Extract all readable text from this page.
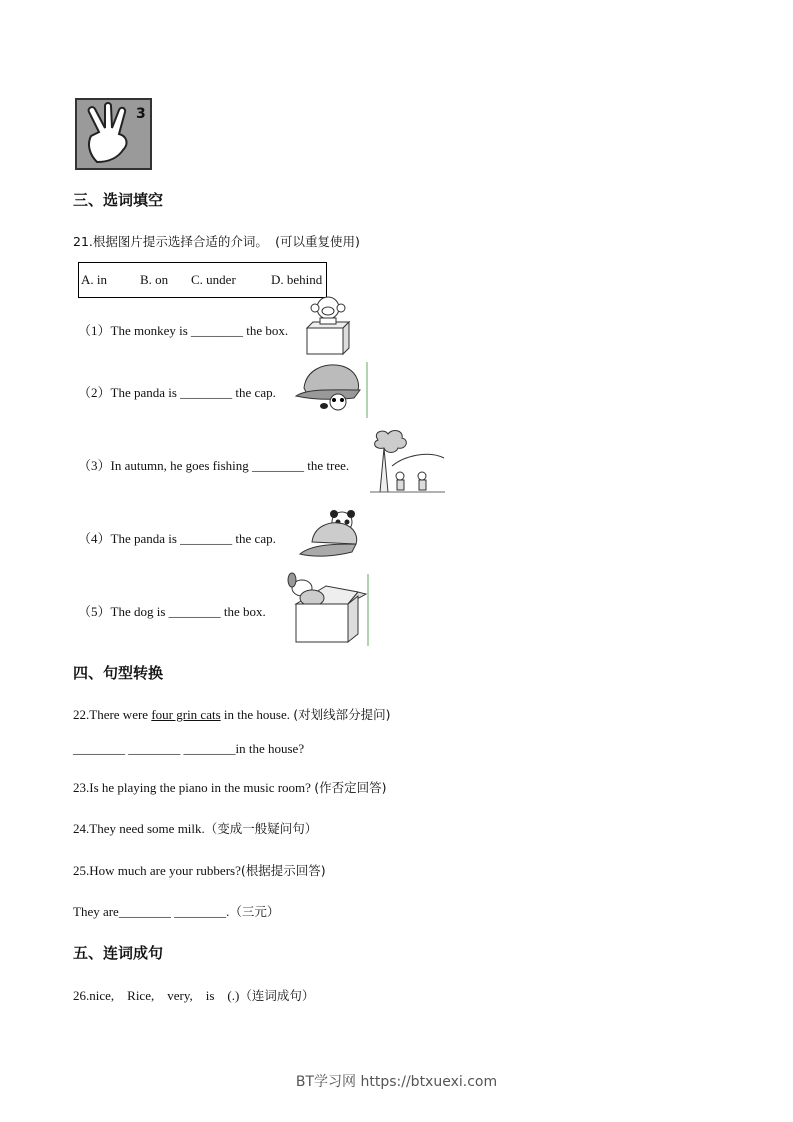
3
三、选词填空
21.根据图片提示选择合适的介词。 (可以重复使用)
A. in	B. on C. under	D. behind
（1）The monkey is ________ the box.
（2）The panda is ________ the cap.
（3）In autumn, he goes fishing ________ the tree.
（4）The panda is ________ the cap.
（5）The dog is ________ the box.
四、句型转换
22.There were four grin cats in the house. (对划线部分提问)
________ ________ ________in the house?
23.Is he playing the piano in the music room? (作否定回答)
24.They need some milk.（变成一般疑问句）
25.How much are your rubbers?(根据提示回答)
They are________ ________.（三元）
五、连词成句
26.nice,    Rice,    very,    is    (.)（连词成句）
BT学习网 https://btxuexi.com
